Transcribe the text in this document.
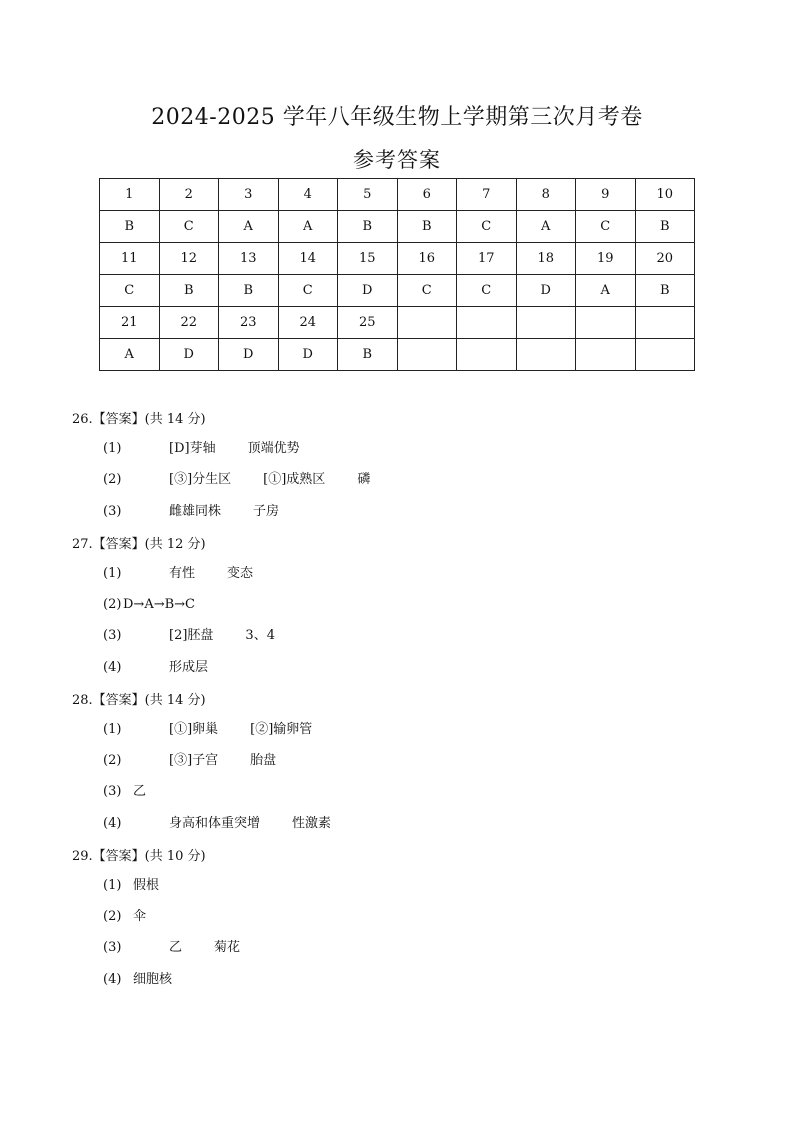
2024-2025 学年八年级生物上学期第三次月考卷
参考答案
1	2	3	4	5	6	7	8	9	10
B	C	A	A	B	B	C	A	C	B
11	12	13	14	15	16	17	18	19	20
C	B	B	C	D	C	C	D	A	B
21	22	23	24	25					
A	D	D	D	B					
26.【答案】(共 14 分)
(1)	[D]芽轴 顶端优势
(2)	[③]分生区 [①]成熟区 磷
(3)	雌雄同株 子房
27.【答案】(共 12 分)
(1)	有性 变态
(2) D→A→B→C
(3)	[2]胚盘 3、4
(4)	形成层
28.【答案】(共 14 分)
(1)	[①]卵巢 [②]输卵管
(2)	[③]子宫 胎盘
(3) 乙
(4)	身高和体重突增 性激素
29.【答案】(共 10 分)
(1) 假根
(2) 伞
(3)	乙 菊花
(4) 细胞核
